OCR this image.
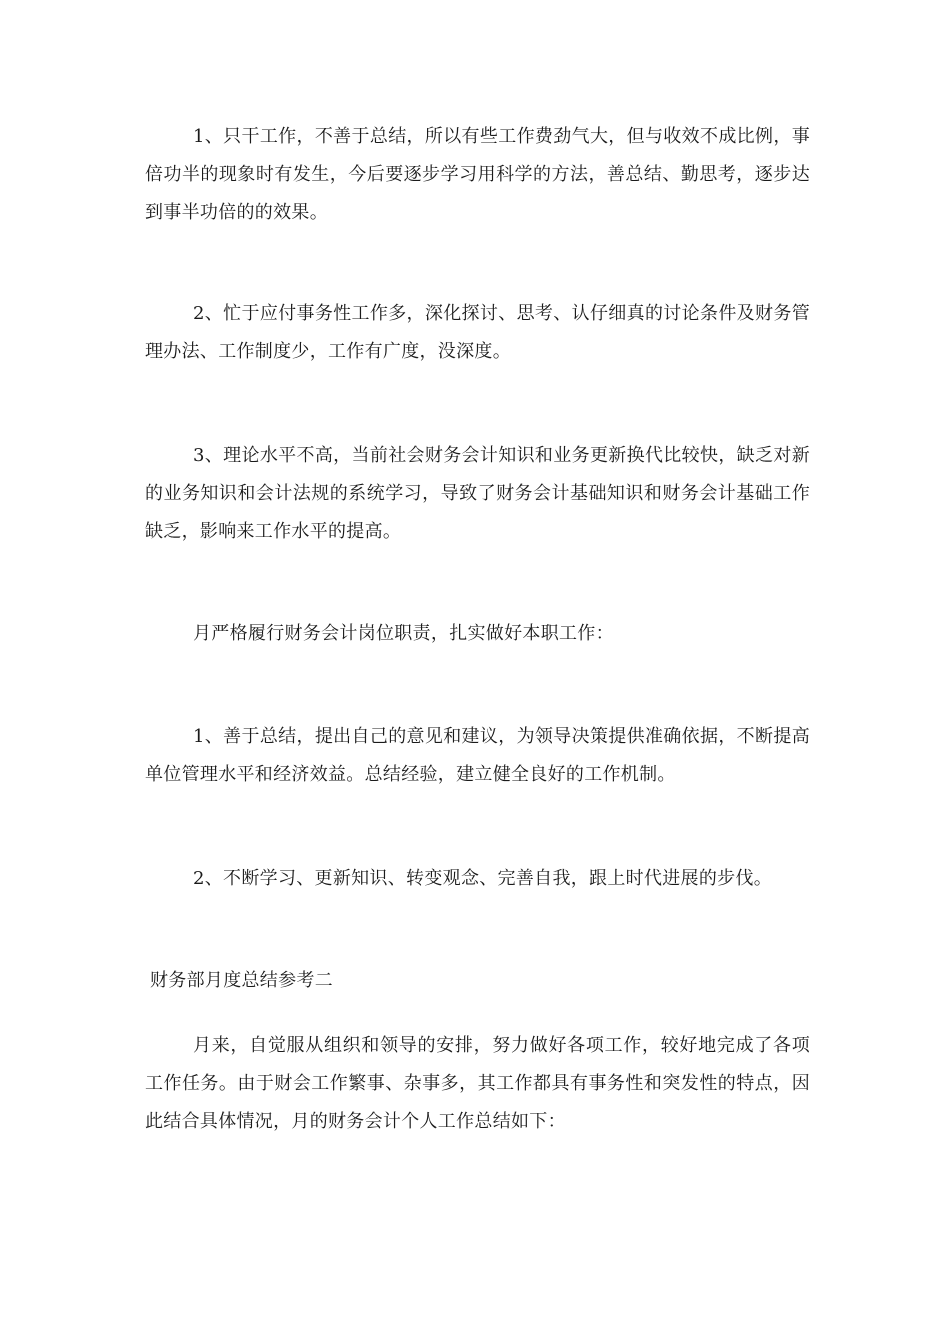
1、只干工作，不善于总结，所以有些工作费劲气大，但与收效不成比例，事倍功半的现象时有发生，今后要逐步学习用科学的方法，善总结、勤思考，逐步达到事半功倍的的效果。

2、忙于应付事务性工作多，深化探讨、思考、认仔细真的讨论条件及财务管理办法、工作制度少，工作有广度，没深度。

3、理论水平不高，当前社会财务会计知识和业务更新换代比较快，缺乏对新的业务知识和会计法规的系统学习，导致了财务会计基础知识和财务会计基础工作缺乏，影响来工作水平的提高。

月严格履行财务会计岗位职责，扎实做好本职工作：

1、善于总结，提出自己的意见和建议，为领导决策提供准确依据，不断提高单位管理水平和经济效益。总结经验，建立健全良好的工作机制。

2、不断学习、更新知识、转变观念、完善自我，跟上时代进展的步伐。

财务部月度总结参考二

月来，自觉服从组织和领导的安排，努力做好各项工作，较好地完成了各项工作任务。由于财会工作繁事、杂事多，其工作都具有事务性和突发性的特点，因此结合具体情况，月的财务会计个人工作总结如下：
